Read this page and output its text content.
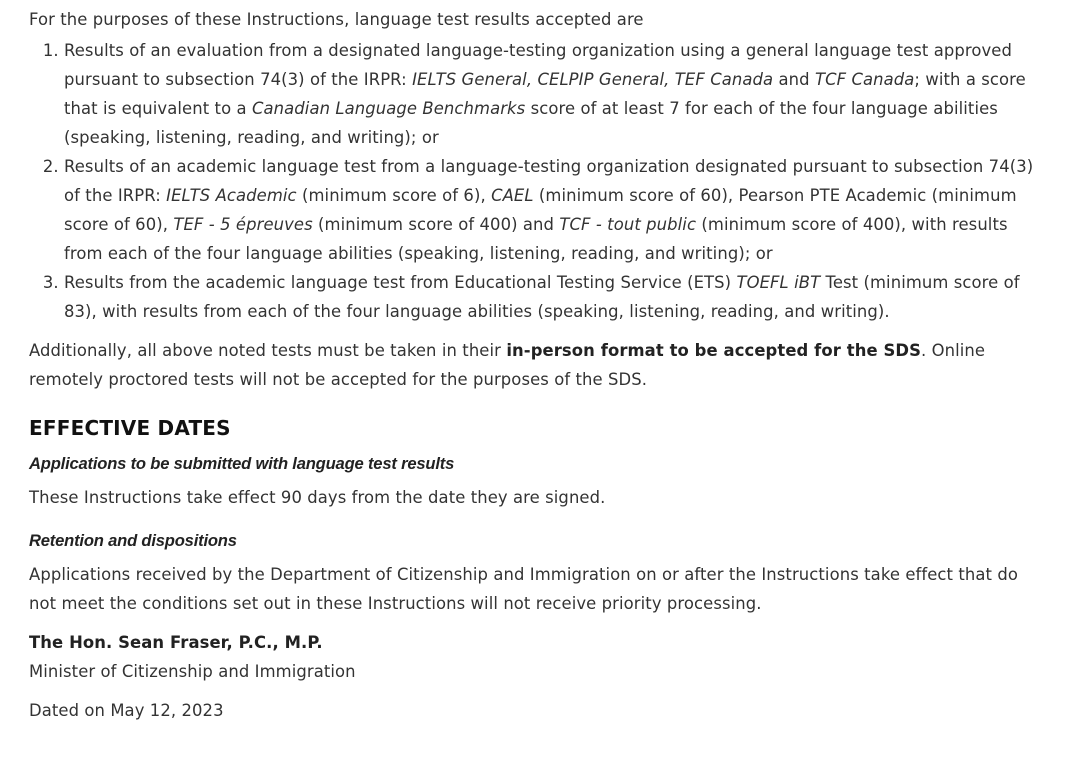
For the purposes of these Instructions, language test results accepted are

1. Results of an evaluation from a designated language-testing organization using a general language test approved pursuant to subsection 74(3) of the IRPR: IELTS General, CELPIP General, TEF Canada and TCF Canada; with a score that is equivalent to a Canadian Language Benchmarks score of at least 7 for each of the four language abilities (speaking, listening, reading, and writing); or
2. Results of an academic language test from a language-testing organization designated pursuant to subsection 74(3) of the IRPR: IELTS Academic (minimum score of 6), CAEL (minimum score of 60), Pearson PTE Academic (minimum score of 60), TEF - 5 épreuves (minimum score of 400) and TCF - tout public (minimum score of 400), with results from each of the four language abilities (speaking, listening, reading, and writing); or
3. Results from the academic language test from Educational Testing Service (ETS) TOEFL iBT Test (minimum score of 83), with results from each of the four language abilities (speaking, listening, reading, and writing).

Additionally, all above noted tests must be taken in their in-person format to be accepted for the SDS. Online remotely proctored tests will not be accepted for the purposes of the SDS.

EFFECTIVE DATES
Applications to be submitted with language test results

These Instructions take effect 90 days from the date they are signed.

Retention and dispositions

Applications received by the Department of Citizenship and Immigration on or after the Instructions take effect that do not meet the conditions set out in these Instructions will not receive priority processing.

The Hon. Sean Fraser, P.C., M.P.

Minister of Citizenship and Immigration

Dated on May 12, 2023
